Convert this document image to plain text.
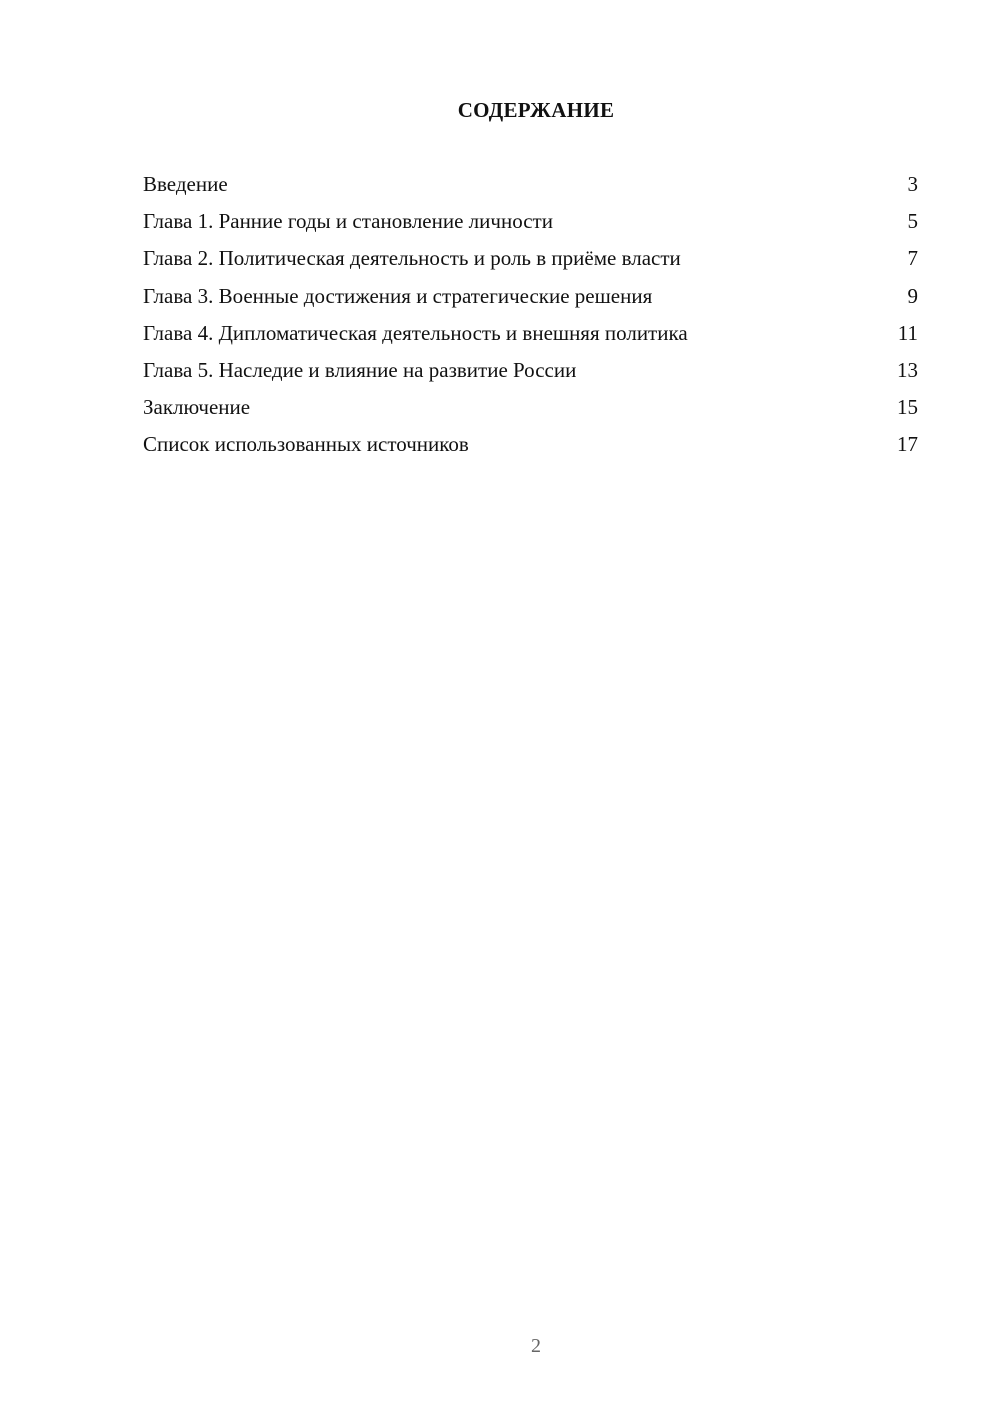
СОДЕРЖАНИЕ
Введение	3
Глава 1. Ранние годы и становление личности	5
Глава 2. Политическая деятельность и роль в приёме власти	7
Глава 3. Военные достижения и стратегические решения	9
Глава 4. Дипломатическая деятельность и внешняя политика	11
Глава 5. Наследие и влияние на развитие России	13
Заключение	15
Список использованных источников	17
2
